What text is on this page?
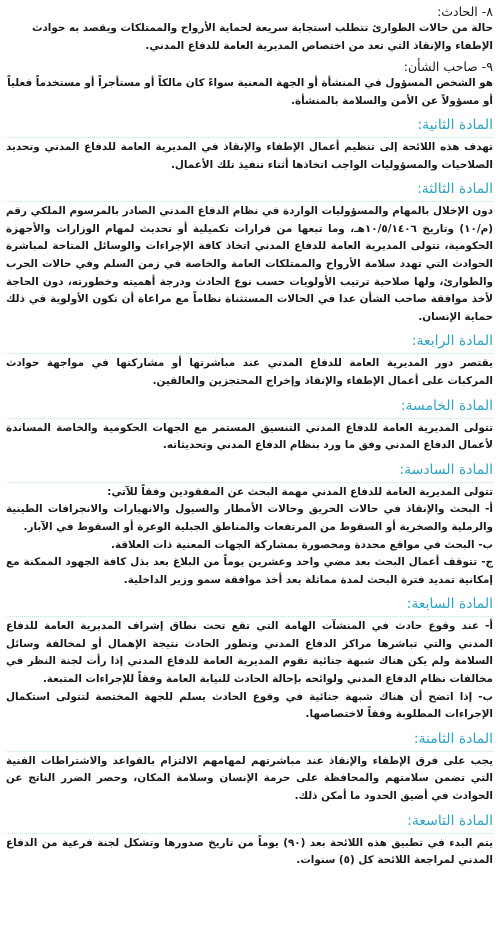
٨- الحادث:

حالة من حالات الطوارئ تتطلب استجابة سريعة لحماية الأرواح والممتلكات ويقصد به حوادث الإطفاء والإنقاذ التي تعد من اختصاص المديرية العامة للدفاع المدني.

٩- صاحب الشأن:

هو الشخص المسؤول في المنشأة أو الجهة المعنية سواءً كان مالكاً أو مستأجراً أو مستخدماً فعلياً أو مسؤولاً عن الأمن والسلامة بالمنشأة.

المادة الثانية:

تهدف هذه اللائحة إلى تنظيم أعمال الإطفاء والإنقاذ في المديرية العامة للدفاع المدني وتحديد الصلاحيات والمسؤوليات الواجب اتخاذها أثناء تنفيذ تلك الأعمال.

المادة الثالثة:

دون الإخلال بالمهام والمسؤوليات الواردة في نظام الدفاع المدني الصادر بالمرسوم الملكي رقم (م/١٠) وتاريخ ١٠/٥/١٤٠٦هـ، وما تبعها من قرارات تكميلية أو تحديث لمهام الوزارات والأجهزة الحكومية، تتولى المديرية العامة للدفاع المدني اتخاذ كافة الإجراءات والوسائل المتاحة لمباشرة الحوادث التي تهدد سلامة الأرواح والممتلكات العامة والخاصة في زمن السلم وفي حالات الحرب والطوارئ، ولها صلاحية ترتيب الأولويات حسب نوع الحادث ودرجة أهميته وخطورته، دون الحاجة لأخذ موافقة صاحب الشأن عدا في الحالات المستثناة نظاماً مع مراعاة أن تكون الأولوية في ذلك حماية الإنسان.

المادة الرابعة:

يقتصر دور المديرية العامة للدفاع المدني عند مباشرتها أو مشاركتها في مواجهة حوادث المركبات على أعمال الإطفاء والإنقاذ وإخراج المحتجزين والعالقين.

المادة الخامسة:

تتولى المديرية العامة للدفاع المدني التنسيق المستمر مع الجهات الحكومية والخاصة المساندة لأعمال الدفاع المدني وفق ما ورد بنظام الدفاع المدني وتحديثاته.

المادة السادسة:

تتولى المديرية العامة للدفاع المدني مهمة البحث عن المفقودين وفقاً للآتي:

أ- البحث والإنقاذ في حالات الحريق وحالات الأمطار والسيول والانهيارات والانجرافات الطينية والرملية والصخرية أو السقوط من المرتفعات والمناطق الجبلية الوعرة أو السقوط في الآبار.

ب- البحث في مواقع محددة ومحصورة بمشاركة الجهات المعنية ذات العلاقة.

ج- تتوقف أعمال البحث بعد مضي واحد وعشرين يوماً من البلاغ بعد بذل كافة الجهود الممكنة مع إمكانية تمديد فترة البحث لمدة مماثلة بعد أخذ موافقة سمو وزير الداخلية.

المادة السابعة:

أ- عند وقوع حادث في المنشآت الهامة التي تقع تحت نطاق إشراف المديرية العامة للدفاع المدني والتي تباشرها مراكز الدفاع المدني وتطور الحادث نتيجة الإهمال أو لمخالفة وسائل السلامة ولم يكن هناك شبهة جنائية تقوم المديرية العامة للدفاع المدني إذا رأت لجنة النظر في مخالفات نظام الدفاع المدني ولوائحه بإحالة الحادث للنيابة العامة وفقاً للإجراءات المتبعة.

ب- إذا اتضح أن هناك شبهة جنائية في وقوع الحادث يسلم للجهة المختصة لتتولى استكمال الإجراءات المطلوبة وفقاً لاختصاصها.

المادة الثامنة:

يجب على فرق الإطفاء والإنقاذ عند مباشرتهم لمهامهم الالتزام بالقواعد والاشتراطات الفنية التي تضمن سلامتهم والمحافظة على حرمة الإنسان وسلامة المكان، وحصر الضرر الناتج عن الحوادث في أضيق الحدود ما أمكن ذلك.

المادة التاسعة:

يتم البدء في تطبيق هذه اللائحة بعد (٩٠) يوماً من تاريخ صدورها وتشكل لجنة فرعية من الدفاع المدني لمراجعة اللائحة كل (٥) سنوات.
